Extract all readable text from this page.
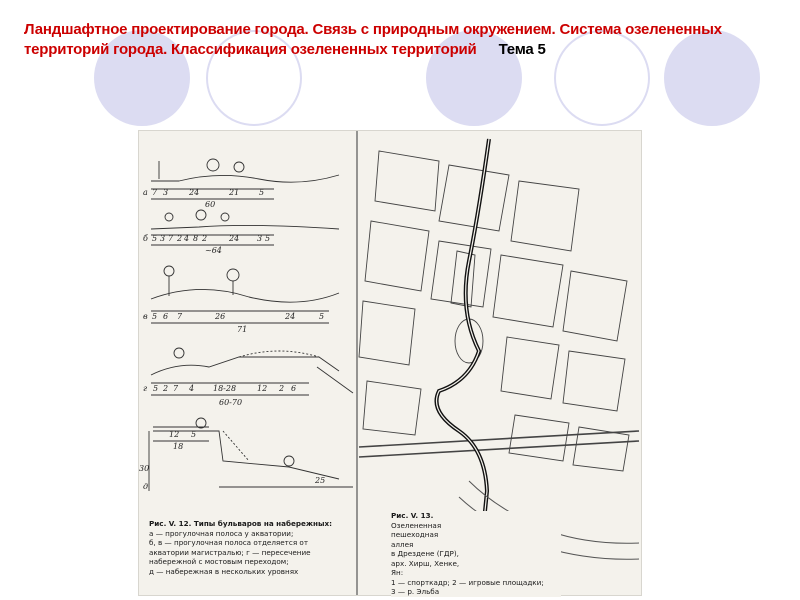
Ландшафтное проектирование города. Связь с природным окружением. Система озелененных территорий города. Классификация озелененных территорий Тема 5
а 7 3	24	21 5
60
б 5 3 7 2 4 8 2	24 3 5
~64
в 5 6 7	26	24	5
71
г 5 2 7 4 18-28	12 2 6
60-70
д
12 5
18
30
25
Рис. V. 12. Типы бульваров на набережных:
а — прогулочная полоса у акватории;
б, в — прогулочная полоса отделяется от
акватории магистралью; г — пересечение
набережной с мостовым переходом;
д — набережная в нескольких уровнях
Рис. V. 13.
Озелененная
пешеходная
аллея
в Дрездене (ГДР),
арх. Хирш, Хенке,
Ян:
1 — спорткадр; 2 — игровые площадки;
3 — р. Эльба
